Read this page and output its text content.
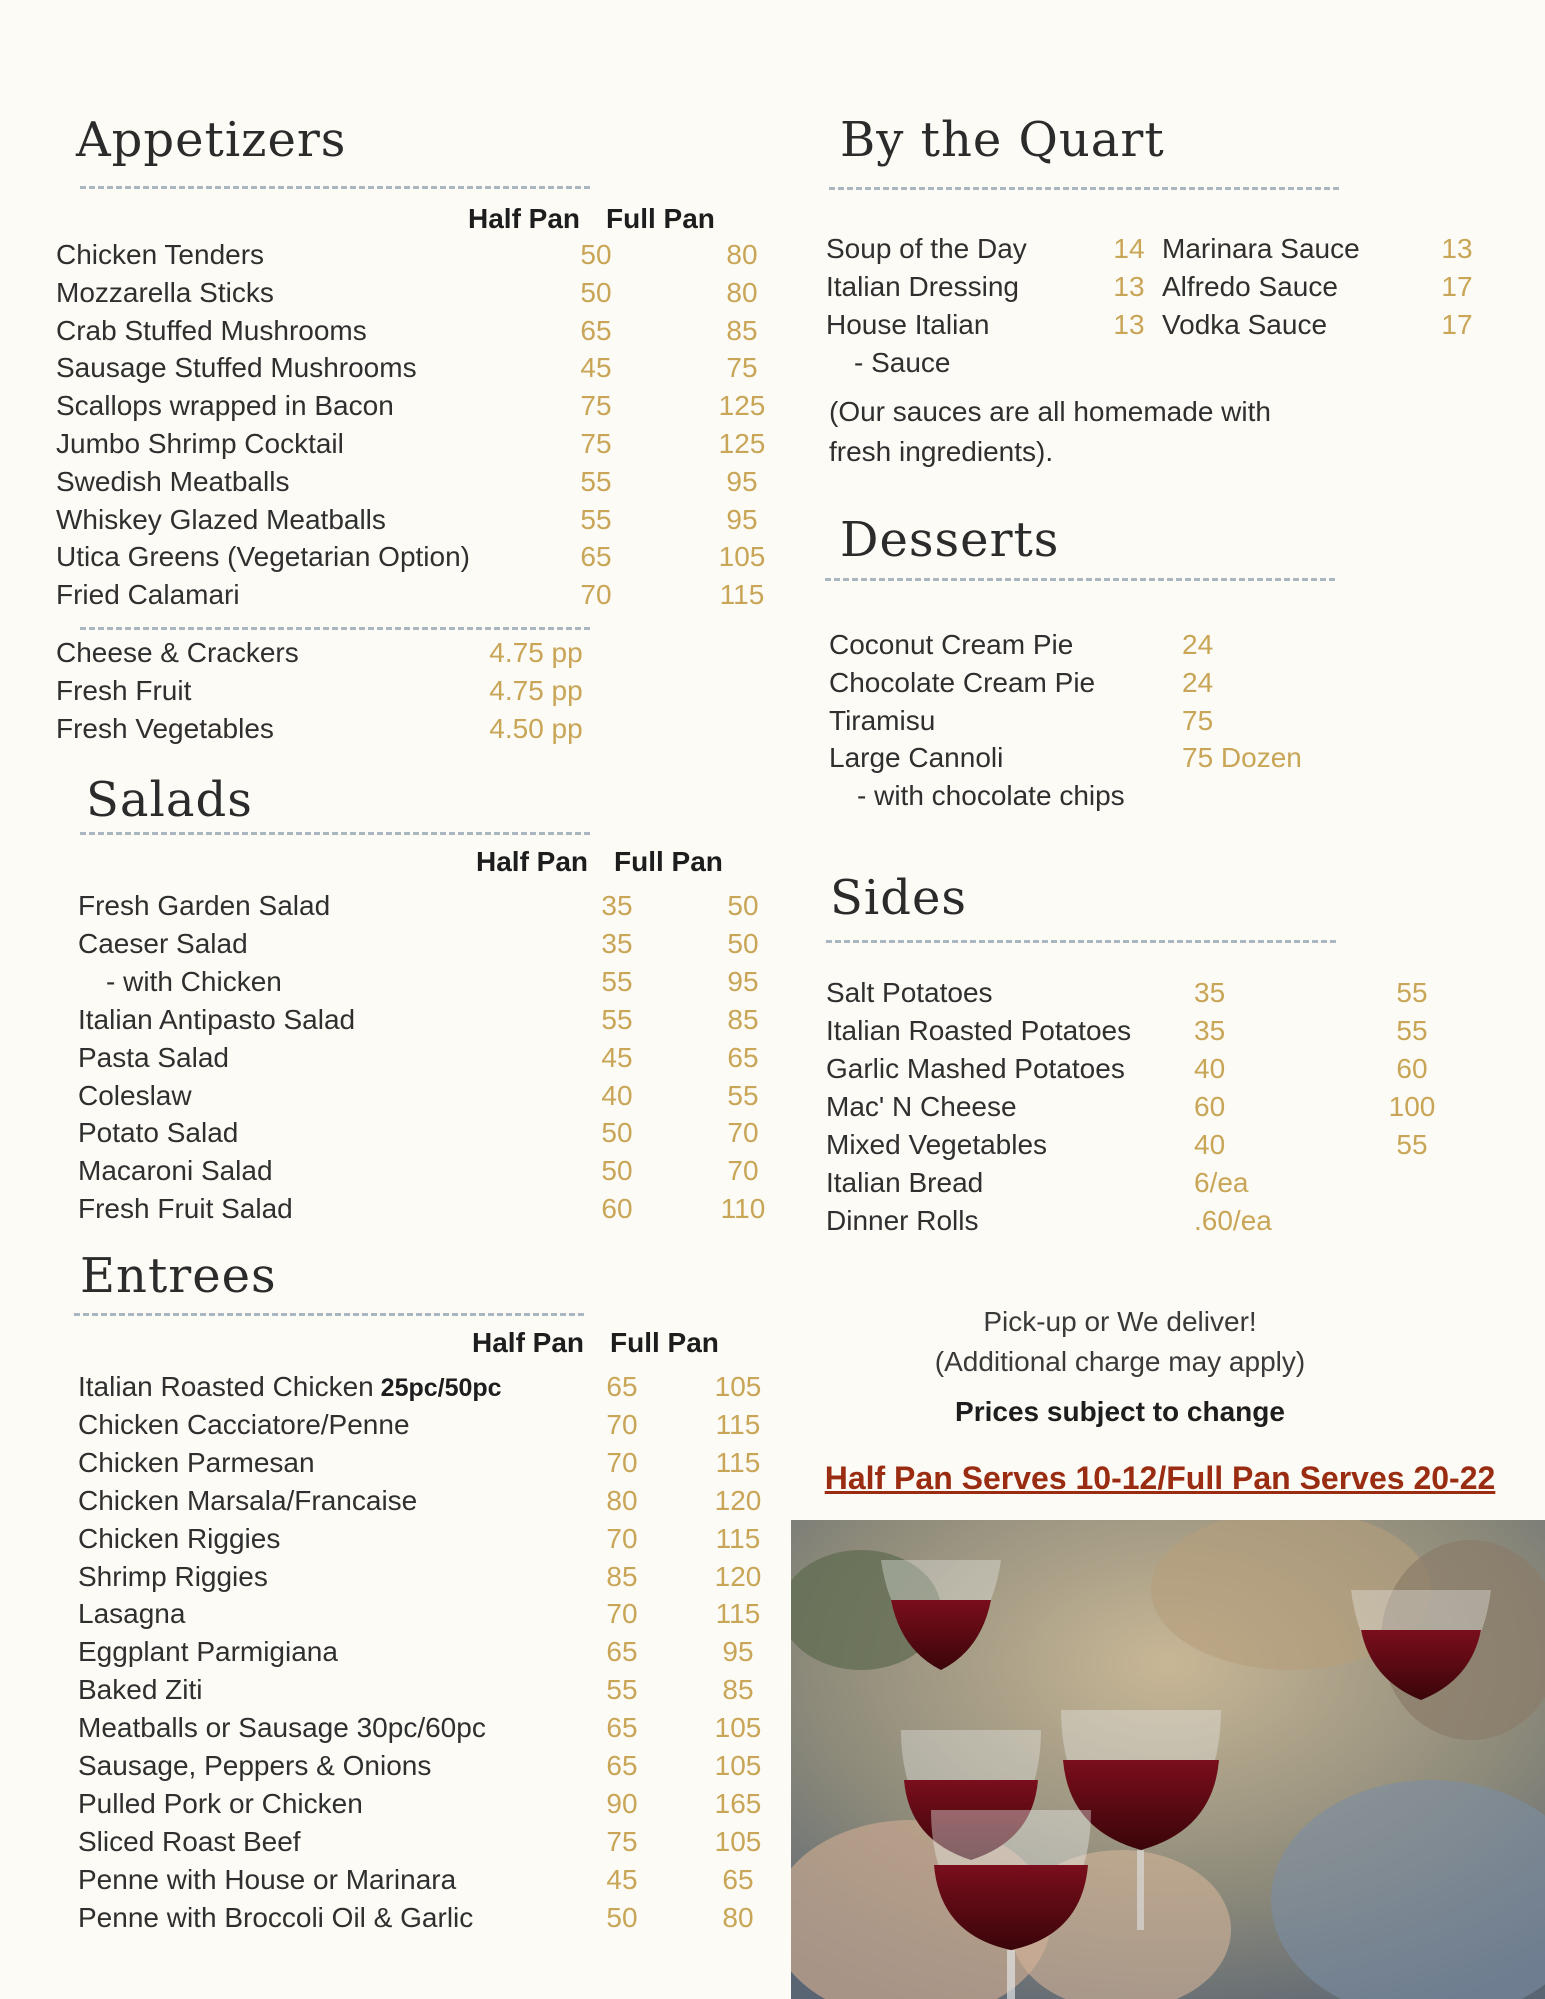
Appetizers
Half Pan Full Pan
Chicken Tenders	50	80
Mozzarella Sticks	50	80
Crab Stuffed Mushrooms	65	85
Sausage Stuffed Mushrooms	45	75
Scallops wrapped in Bacon	75	125
Jumbo Shrimp Cocktail	75	125
Swedish Meatballs	55	95
Whiskey Glazed Meatballs	55	95
Utica Greens (Vegetarian Option)	65	105
Fried Calamari	70	115
Cheese & Crackers	4.75 pp
Fresh Fruit	4.75 pp
Fresh Vegetables	4.50 pp
Salads
Half Pan Full Pan
Fresh Garden Salad	35	50
Caeser Salad	35	50
- with Chicken	55	95
Italian Antipasto Salad	55	85
Pasta Salad	45	65
Coleslaw	40	55
Potato Salad	50	70
Macaroni Salad	50	70
Fresh Fruit Salad	60	110
Entrees
Half Pan Full Pan
Italian Roasted Chicken 25pc/50pc	65	105
Chicken Cacciatore/Penne	70	115
Chicken Parmesan	70	115
Chicken Marsala/Francaise	80	120
Chicken Riggies	70	115
Shrimp Riggies	85	120
Lasagna	70	115
Eggplant Parmigiana	65	95
Baked Ziti	55	85
Meatballs or Sausage 30pc/60pc	65	105
Sausage, Peppers & Onions	65	105
Pulled Pork or Chicken	90	165
Sliced Roast Beef	75	105
Penne with House or Marinara	45	65
Penne with Broccoli Oil & Garlic	50	80
By the Quart
Soup of the Day	14
Italian Dressing	13
House Italian	13
- Sauce
Marinara Sauce	13
Alfredo Sauce	17
Vodka Sauce	17
(Our sauces are all homemade with
fresh ingredients).
Desserts
Coconut Cream Pie	24
Chocolate Cream Pie	24
Tiramisu	75
Large Cannoli	75 Dozen
- with chocolate chips
Sides
Salt Potatoes	35	55
Italian Roasted Potatoes 35	55
Garlic Mashed Potatoes 40	60
Mac' N Cheese	60	100
Mixed Vegetables	40	55
Italian Bread	6/ea
Dinner Rolls	.60/ea
Pick-up or We deliver!
(Additional charge may apply)
Prices subject to change
Half Pan Serves 10-12/Full Pan Serves 20-22
